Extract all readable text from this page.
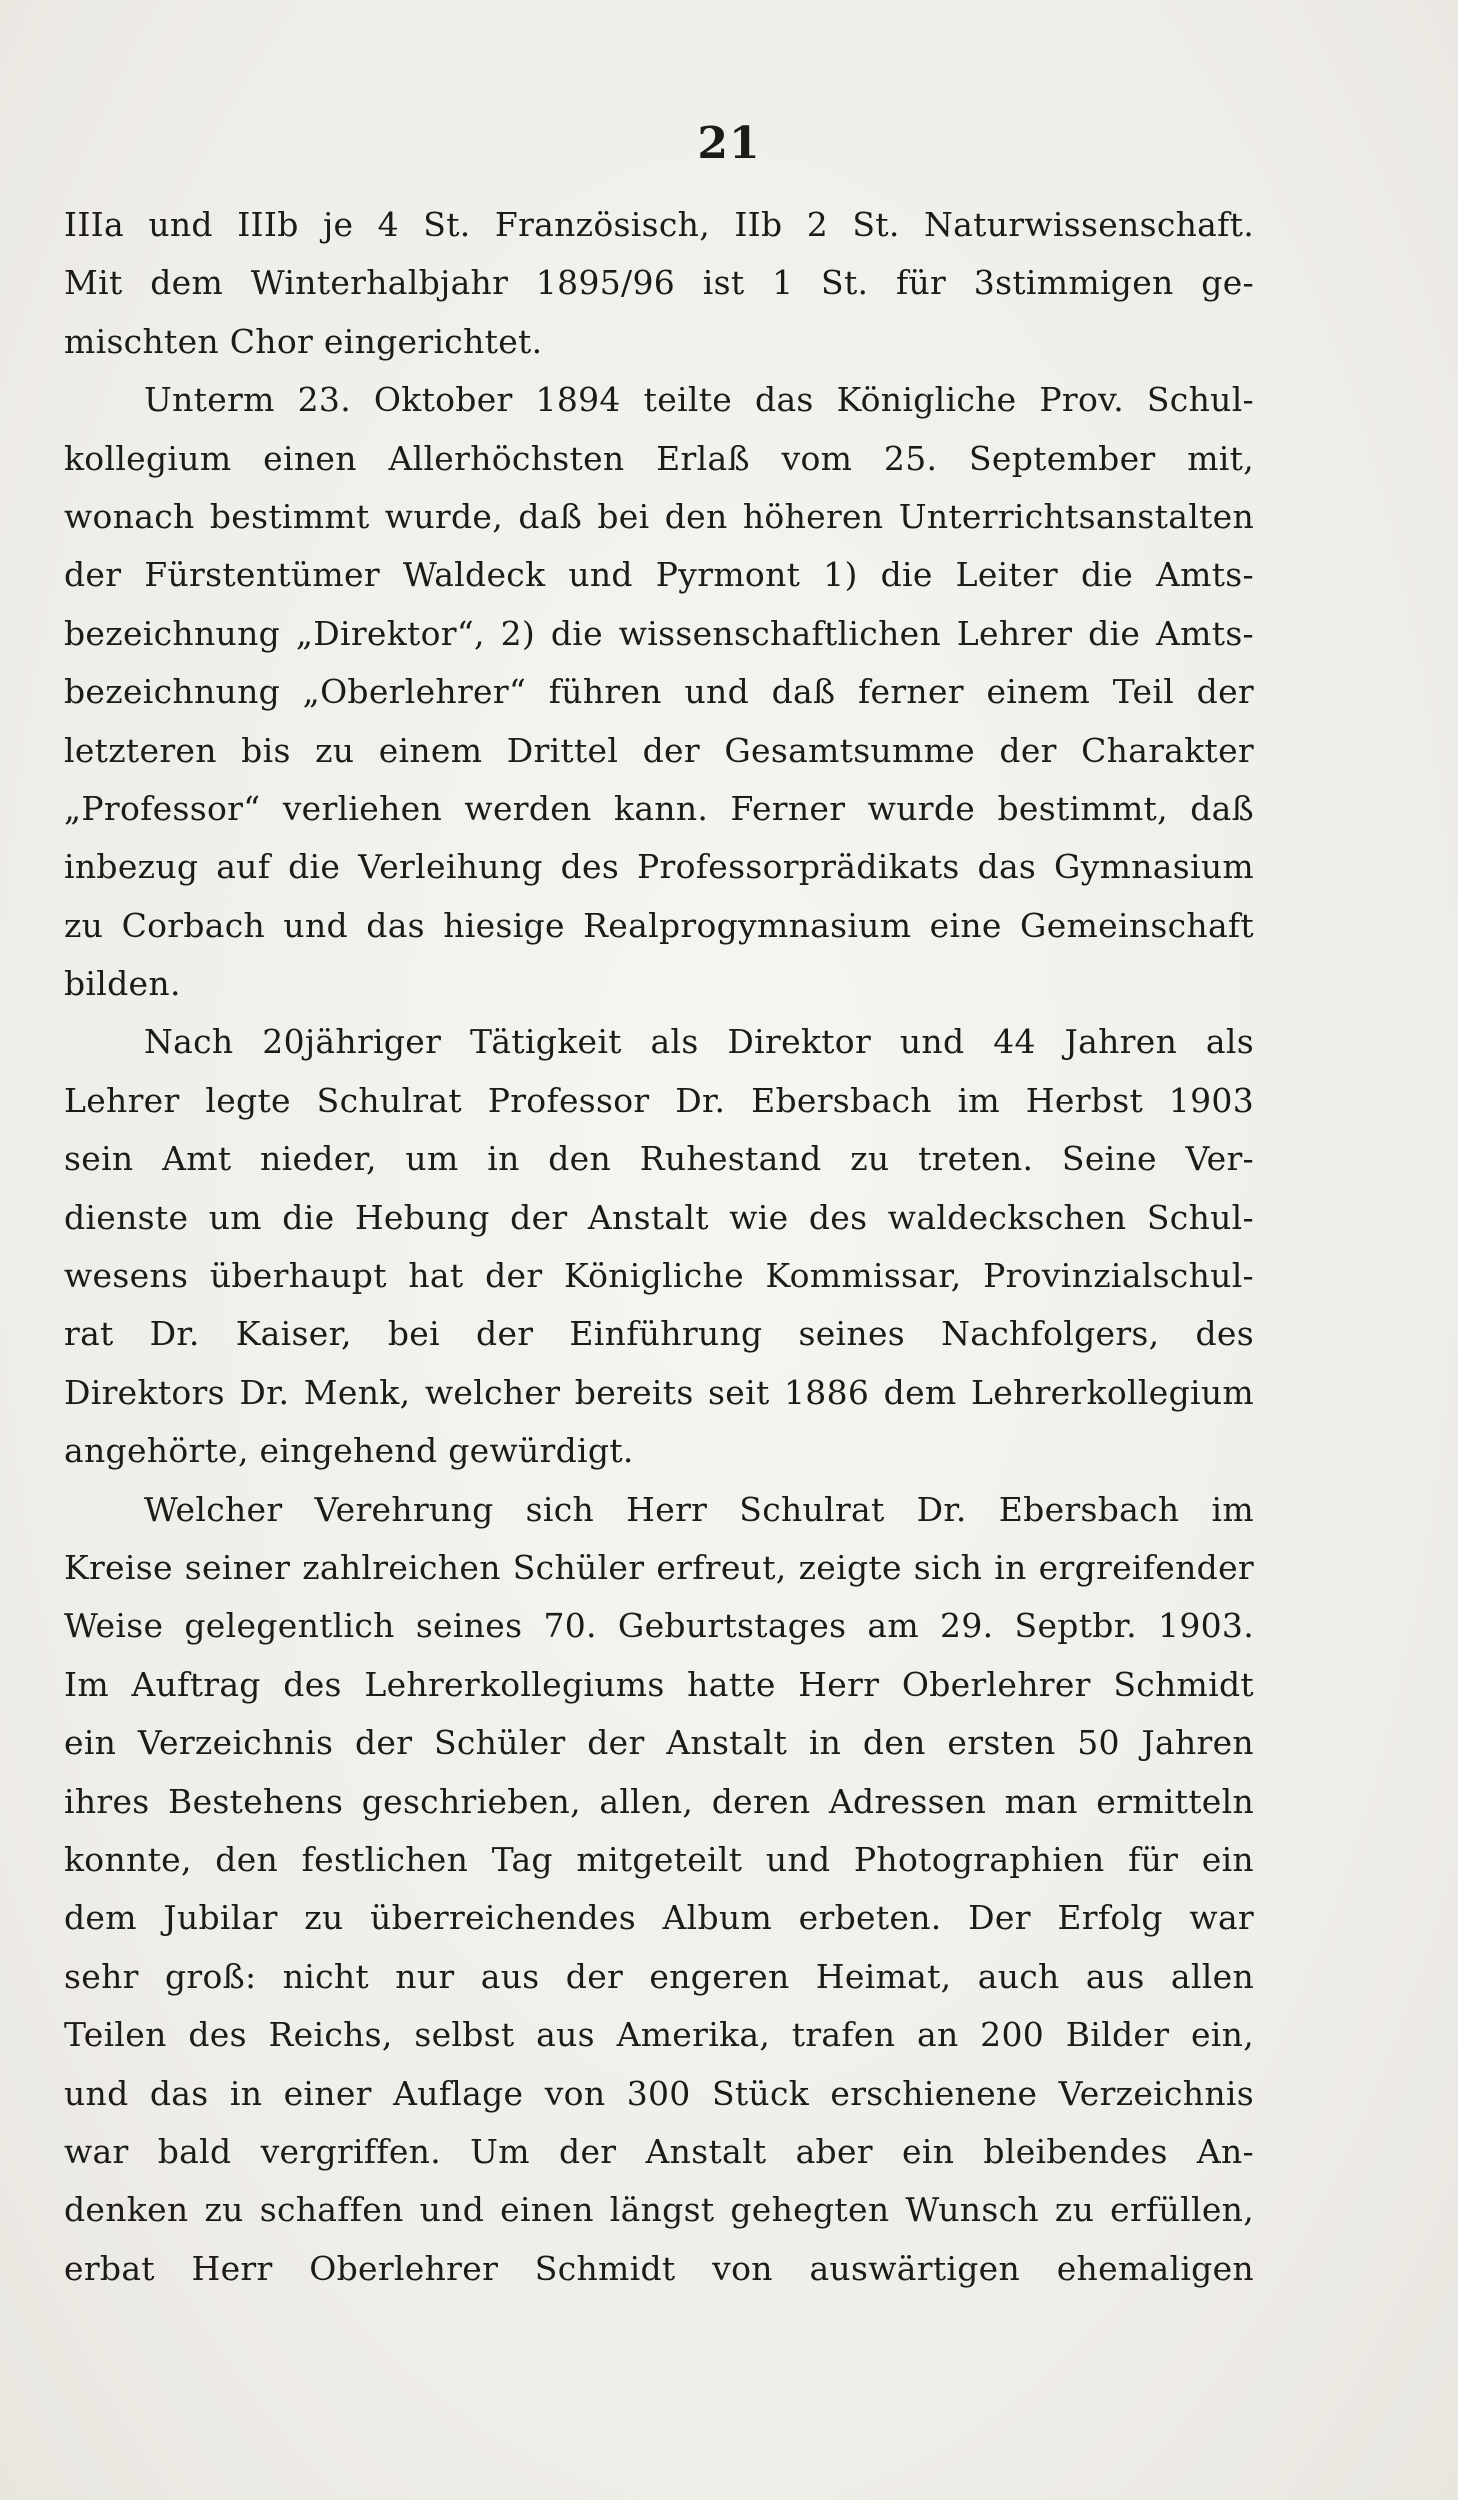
21
IIIa und IIIb je 4 St. Französisch, IIb 2 St. Naturwissenschaft.
Mit dem Winterhalbjahr 1895/96 ist 1 St. für 3stimmigen ge-
mischten Chor eingerichtet.
Unterm 23. Oktober 1894 teilte das Königliche Prov. Schul-
kollegium einen Allerhöchsten Erlaß vom 25. September mit,
wonach bestimmt wurde, daß bei den höheren Unterrichtsanstalten
der Fürstentümer Waldeck und Pyrmont 1) die Leiter die Amts-
bezeichnung „Direktor“, 2) die wissenschaftlichen Lehrer die Amts-
bezeichnung „Oberlehrer“ führen und daß ferner einem Teil der
letzteren bis zu einem Drittel der Gesamtsumme der Charakter
„Professor“ verliehen werden kann. Ferner wurde bestimmt, daß
inbezug auf die Verleihung des Professorprädikats das Gymnasium
zu Corbach und das hiesige Realprogymnasium eine Gemeinschaft
bilden.
Nach 20jähriger Tätigkeit als Direktor und 44 Jahren als
Lehrer legte Schulrat Professor Dr. Ebersbach im Herbst 1903
sein Amt nieder, um in den Ruhestand zu treten. Seine Ver-
dienste um die Hebung der Anstalt wie des waldeckschen Schul-
wesens überhaupt hat der Königliche Kommissar, Provinzialschul-
rat Dr. Kaiser, bei der Einführung seines Nachfolgers, des
Direktors Dr. Menk, welcher bereits seit 1886 dem Lehrerkollegium
angehörte, eingehend gewürdigt.
Welcher Verehrung sich Herr Schulrat Dr. Ebersbach im
Kreise seiner zahlreichen Schüler erfreut, zeigte sich in ergreifender
Weise gelegentlich seines 70. Geburtstages am 29. Septbr. 1903.
Im Auftrag des Lehrerkollegiums hatte Herr Oberlehrer Schmidt
ein Verzeichnis der Schüler der Anstalt in den ersten 50 Jahren
ihres Bestehens geschrieben, allen, deren Adressen man ermitteln
konnte, den festlichen Tag mitgeteilt und Photographien für ein
dem Jubilar zu überreichendes Album erbeten. Der Erfolg war
sehr groß: nicht nur aus der engeren Heimat, auch aus allen
Teilen des Reichs, selbst aus Amerika, trafen an 200 Bilder ein,
und das in einer Auflage von 300 Stück erschienene Verzeichnis
war bald vergriffen. Um der Anstalt aber ein bleibendes An-
denken zu schaffen und einen längst gehegten Wunsch zu erfüllen,
erbat Herr Oberlehrer Schmidt von auswärtigen ehemaligen
